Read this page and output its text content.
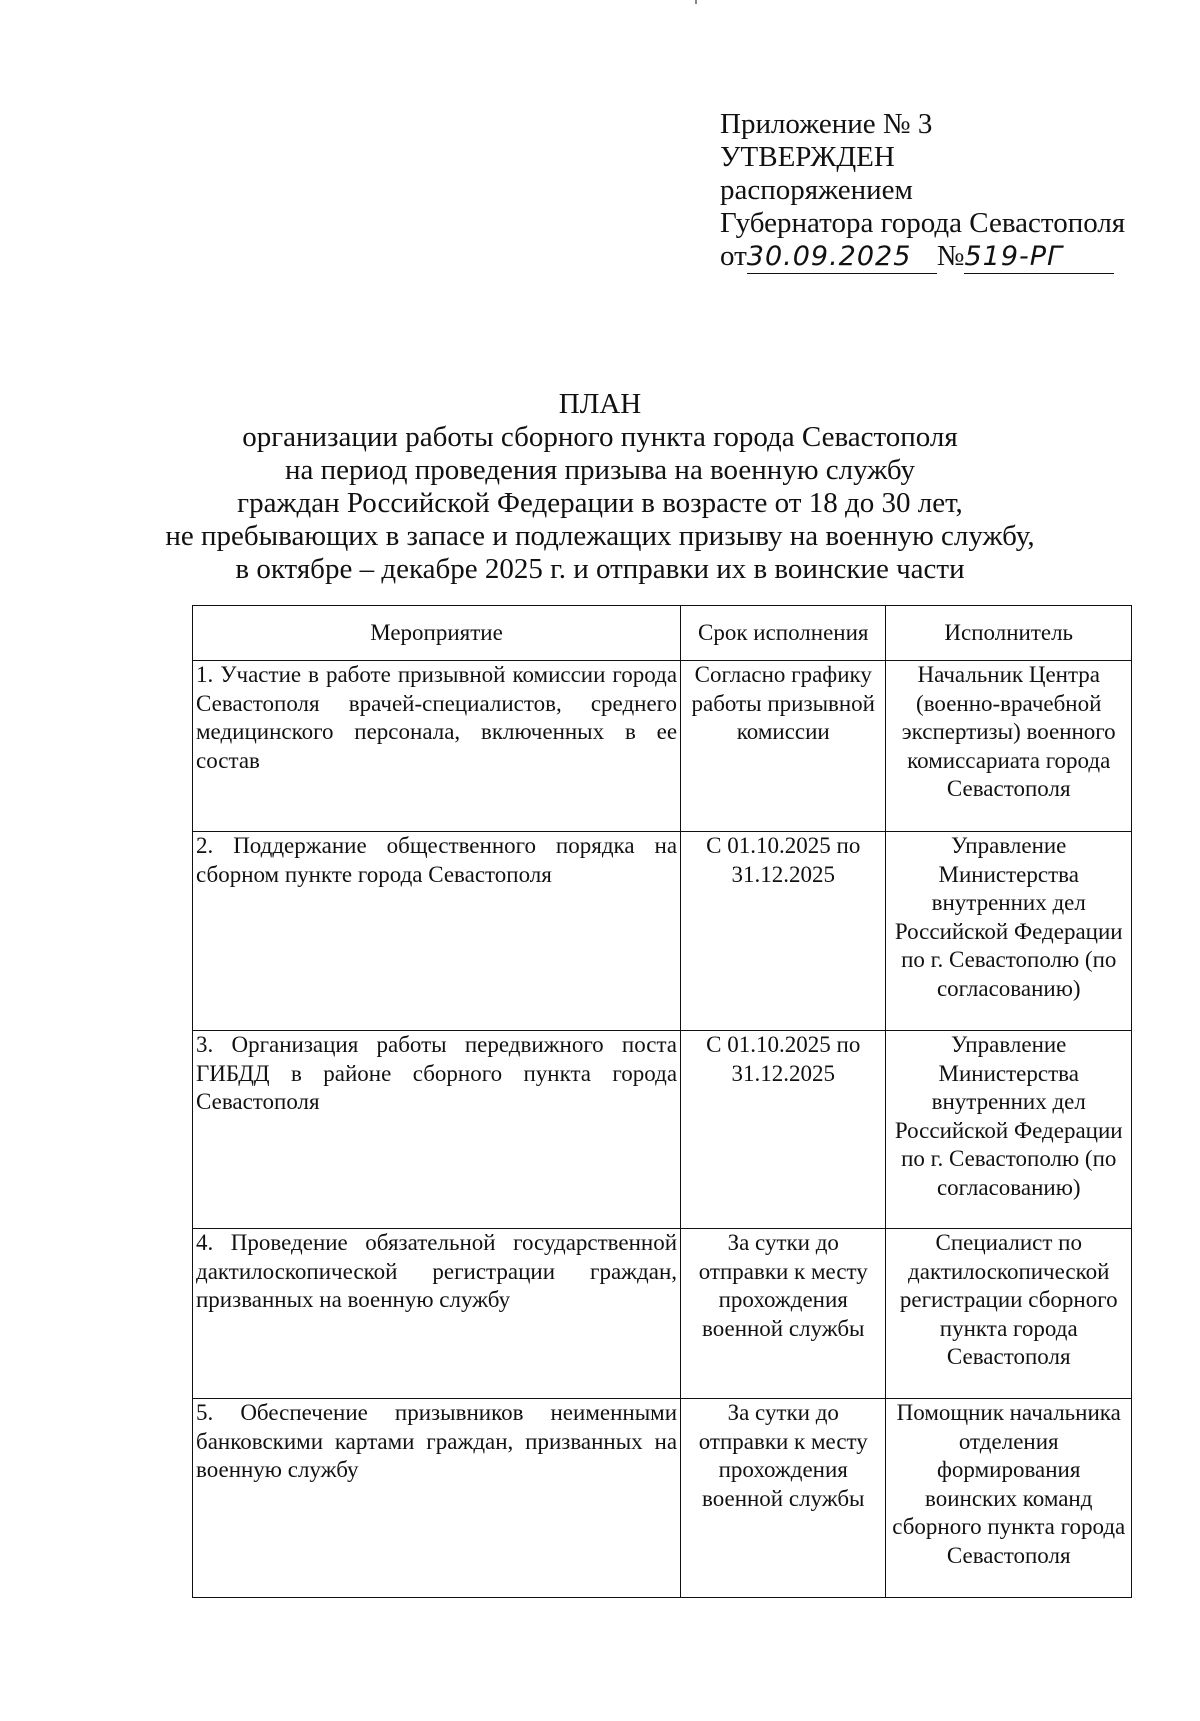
Приложение № 3
УТВЕРЖДЕН
распоряжением
Губернатора города Севастополя
от30.09.2025 №519-РГ
ПЛАН
организации работы сборного пункта города Севастополя
на период проведения призыва на военную службу
граждан Российской Федерации в возрасте от 18 до 30 лет,
не пребывающих в запасе и подлежащих призыву на военную службу,
в октябре – декабре 2025 г. и отправки их в воинские части
Мероприятие	Срок исполнения	Исполнитель
1. Участие в работе призывной комиссии города Севастополя врачей-специалистов, среднего медицинского персонала, включенных в ее состав	Согласно графику работы призывной комиссии	Начальник Центра (военно-врачебной экспертизы) военного комиссариата города Севастополя
2. Поддержание общественного порядка на сборном пункте города Севастополя	С 01.10.2025 по 31.12.2025	Управление Министерства внутренних дел Российской Федерации по г. Севастополю (по согласованию)
3. Организация работы передвижного поста ГИБДД в районе сборного пункта города Севастополя	С 01.10.2025 по 31.12.2025	Управление Министерства внутренних дел Российской Федерации по г. Севастополю (по согласованию)
4. Проведение обязательной государственной дактилоскопической регистрации граждан, призванных на военную службу	За сутки до отправки к месту прохождения военной службы	Специалист по дактилоскопической регистрации сборного пункта города Севастополя
5. Обеспечение призывников неименными банковскими картами граждан, призванных на военную службу	За сутки до отправки к месту прохождения военной службы	Помощник начальника отделения формирования воинских команд сборного пункта города Севастополя
